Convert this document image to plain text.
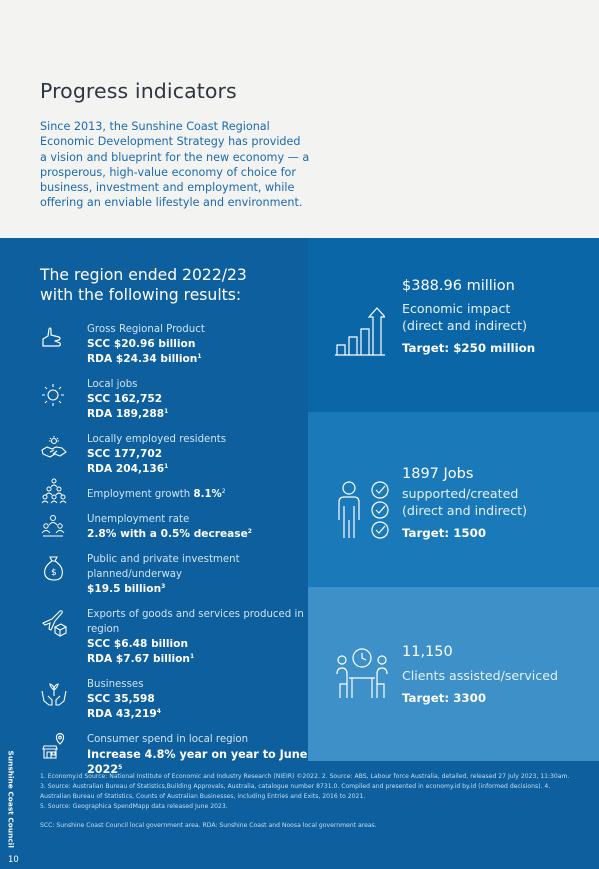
Progress indicators
Since 2013, the Sunshine Coast Regional Economic Development Strategy has provided a vision and blueprint for the new economy — a prosperous, high-value economy of choice for business, investment and employment, while offering an enviable lifestyle and environment.
The region ended 2022/23
with the following results:
Gross Regional Product
SCC $20.96 billion
RDA $24.34 billion$^1$
Local jobs
SCC 162,752
RDA 189,288$^1$
Locally employed residents
SCC 177,702
RDA 204,136$^1$
Employment growth 8.1%$^2$
Unemployment rate
2.8% with a 0.5% decrease$^2$
$
Public and private investment planned/underway
$19.5 billion$^3$
Exports of goods and services produced in region
SCC $6.48 billion
RDA $7.67 billion$^1$
Businesses
SCC 35,598
RDA 43,219$^4$
Consumer spend in local region
Increase 4.8% year on year to June 2022$^5$
$388.96 million
Economic impact
(direct and indirect)
Target: $250 million
1897 Jobs
supported/created
(direct and indirect)
Target: 1500
11,150
Clients assisted/serviced
Target: 3300

1. Economy.id Source: National Institute of Economic and Industry Research (NIEIR) ©2022. 2. Source: ABS, Labour force Australia, detailed, released 27 July 2023, 11:30am. 3. Source: Australian Bureau of Statistics,Building Approvals, Australia, catalogue number 8731.0. Compiled and presented in economy.id by.id (informed decisions). 4. Australian Bureau of Statistics, Counts of Australian Businesses, including Entries and Exits, 2016 to 2021.

5. Source: Geographica SpendMapp data released June 2023.

SCC: Sunshine Coast Council local government area. RDA: Sunshine Coast and Noosa local government areas.

Sunshine Coast Council
10
